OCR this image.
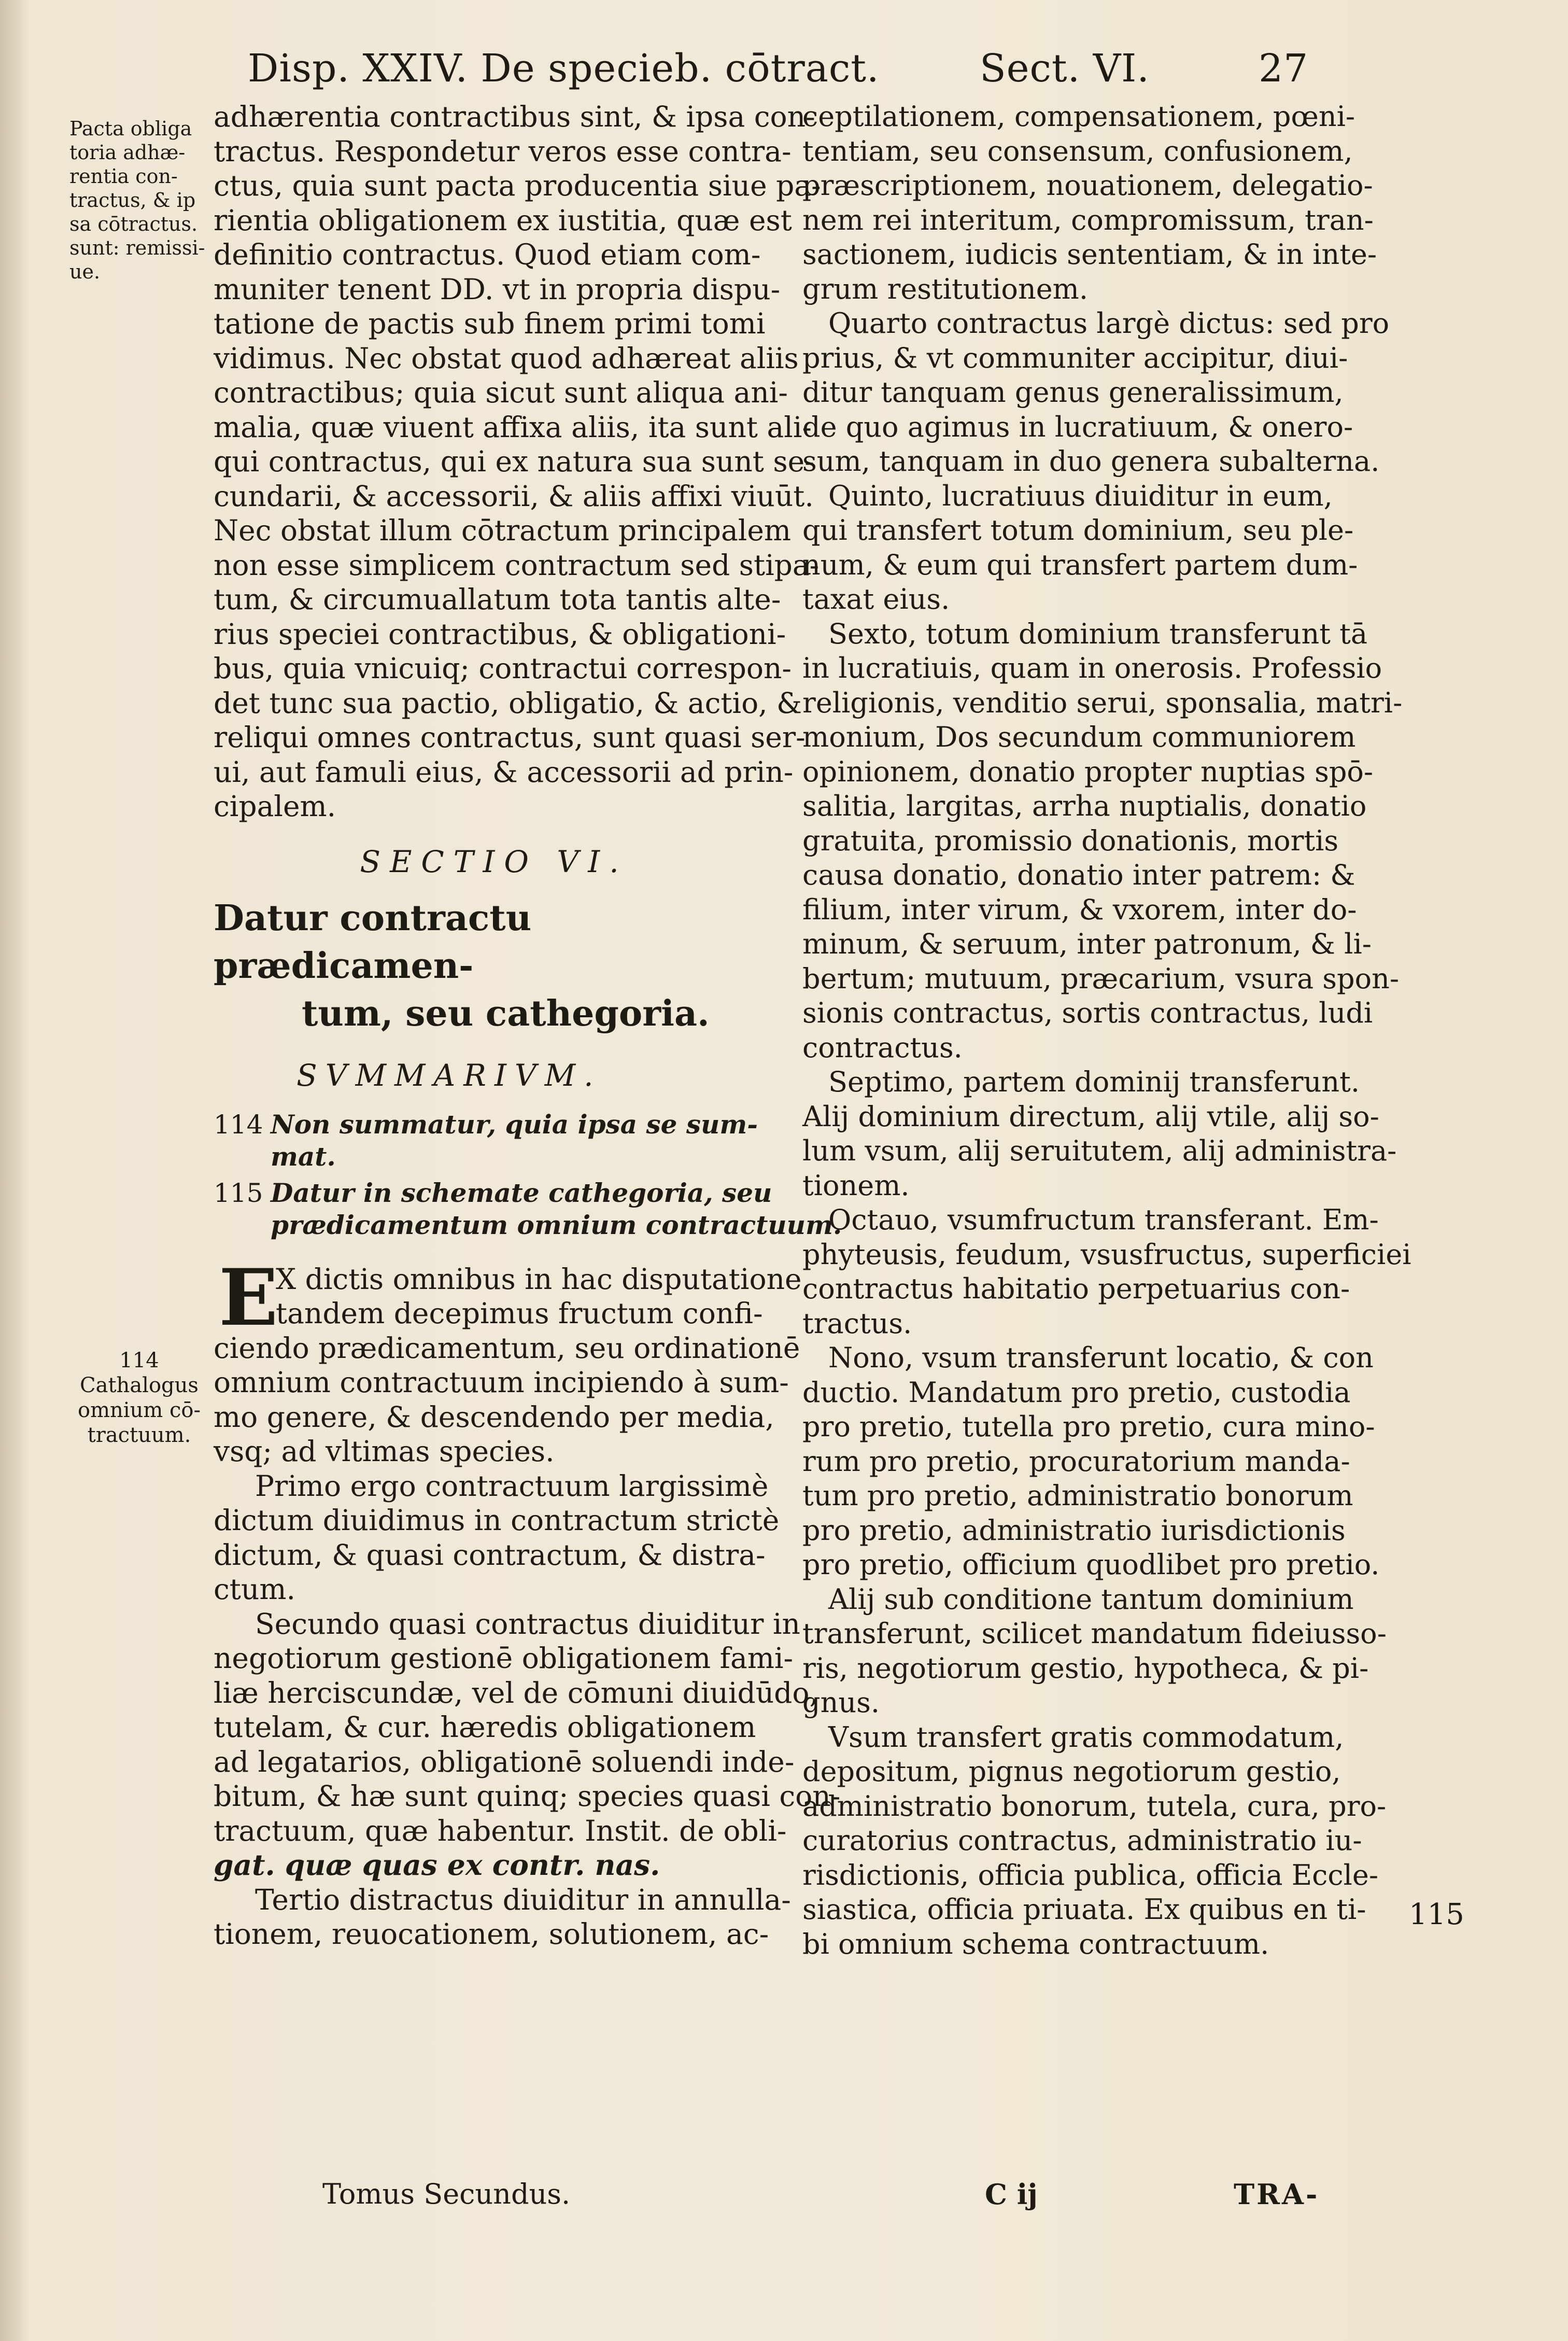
Disp. XXIV. De specieb. cōtract.	Sect. VI.	27
Pacta obliga
toria adhæ-
rentia con-
tractus, & ip
sa cōtractus.
sunt: remissi-
ue.
114
Cathalogus
omnium cō-
tractuum.
115
adhærentia contractibus sint, & ipsa con-
tractus. Respondetur veros esse contra-
ctus, quia sunt pacta producentia siue pa-
rientia obligationem ex iustitia, quæ est
definitio contractus. Quod etiam com-
muniter tenent DD. vt in propria dispu-
tatione de pactis sub finem primi tomi
vidimus. Nec obstat quod adhæreat aliis
contractibus; quia sicut sunt aliqua ani-
malia, quæ viuent affixa aliis, ita sunt ali-
qui contractus, qui ex natura sua sunt se-
cundarii, & accessorii, & aliis affixi viuūt.
Nec obstat illum cōtractum principalem
non esse simplicem contractum sed stipa-
tum, & circumuallatum tota tantis alte-
rius speciei contractibus, & obligationi-
bus, quia vnicuiq; contractui correspon-
det tunc sua pactio, obligatio, & actio, &
reliqui omnes contractus, sunt quasi ser-
ui, aut famuli eius, & accessorii ad prin-
cipalem.
SECTIO VI.
Datur contractu prædicamen-
tum, seu cathegoria.
SVMMARIVM.
114 Non summatur, quia ipsa se sum-
mat.
115 Datur in schemate cathegoria, seu
prædicamentum omnium contractuum.
E
X dictis omnibus in hac disputatione
tandem decepimus fructum confi-
ciendo prædicamentum, seu ordinationē
omnium contractuum incipiendo à sum-
mo genere, & descendendo per media,
vsq; ad vltimas species.
Primo ergo contractuum largissimè
dictum diuidimus in contractum strictè
dictum, & quasi contractum, & distra-
ctum.
Secundo quasi contractus diuiditur in
negotiorum gestionē obligationem fami-
liæ herciscundæ, vel de cōmuni diuidūdo,
tutelam, & cur. hæredis obligationem
ad legatarios, obligationē soluendi inde-
bitum, & hæ sunt quinq; species quasi con-
tractuum, quæ habentur. Instit. de obli-
gat. quæ quas ex contr. nas.
Tertio distractus diuiditur in annulla-
tionem, reuocationem, solutionem, ac-
ceptilationem, compensationem, pœni-
tentiam, seu consensum, confusionem,
præscriptionem, nouationem, delegatio-
nem rei interitum, compromissum, tran-
sactionem, iudicis sententiam, & in inte-
grum restitutionem.
Quarto contractus largè dictus: sed pro
prius, & vt communiter accipitur, diui-
ditur tanquam genus generalissimum,
de quo agimus in lucratiuum, & onero-
sum, tanquam in duo genera subalterna.
Quinto, lucratiuus diuiditur in eum,
qui transfert totum dominium, seu ple-
num, & eum qui transfert partem dum-
taxat eius.
Sexto, totum dominium transferunt tā
in lucratiuis, quam in onerosis. Professio
religionis, venditio serui, sponsalia, matri-
monium, Dos secundum communiorem
opinionem, donatio propter nuptias spō-
salitia, largitas, arrha nuptialis, donatio
gratuita, promissio donationis, mortis
causa donatio, donatio inter patrem: &
filium, inter virum, & vxorem, inter do-
minum, & seruum, inter patronum, & li-
bertum; mutuum, præcarium, vsura spon-
sionis contractus, sortis contractus, ludi
contractus.
Septimo, partem dominij transferunt.
Alij dominium directum, alij vtile, alij so-
lum vsum, alij seruitutem, alij administra-
tionem.
Octauo, vsumfructum transferant. Em-
phyteusis, feudum, vsusfructus, superficiei
contractus habitatio perpetuarius con-
tractus.
Nono, vsum transferunt locatio, & con
ductio. Mandatum pro pretio, custodia
pro pretio, tutella pro pretio, cura mino-
rum pro pretio, procuratorium manda-
tum pro pretio, administratio bonorum
pro pretio, administratio iurisdictionis
pro pretio, officium quodlibet pro pretio.
Alij sub conditione tantum dominium
transferunt, scilicet mandatum fideiusso-
ris, negotiorum gestio, hypotheca, & pi-
gnus.
Vsum transfert gratis commodatum,
depositum, pignus negotiorum gestio,
administratio bonorum, tutela, cura, pro-
curatorius contractus, administratio iu-
risdictionis, officia publica, officia Eccle-
siastica, officia priuata. Ex quibus en ti-
bi omnium schema contractuum.
Tomus Secundus.	C ij	TRA-
